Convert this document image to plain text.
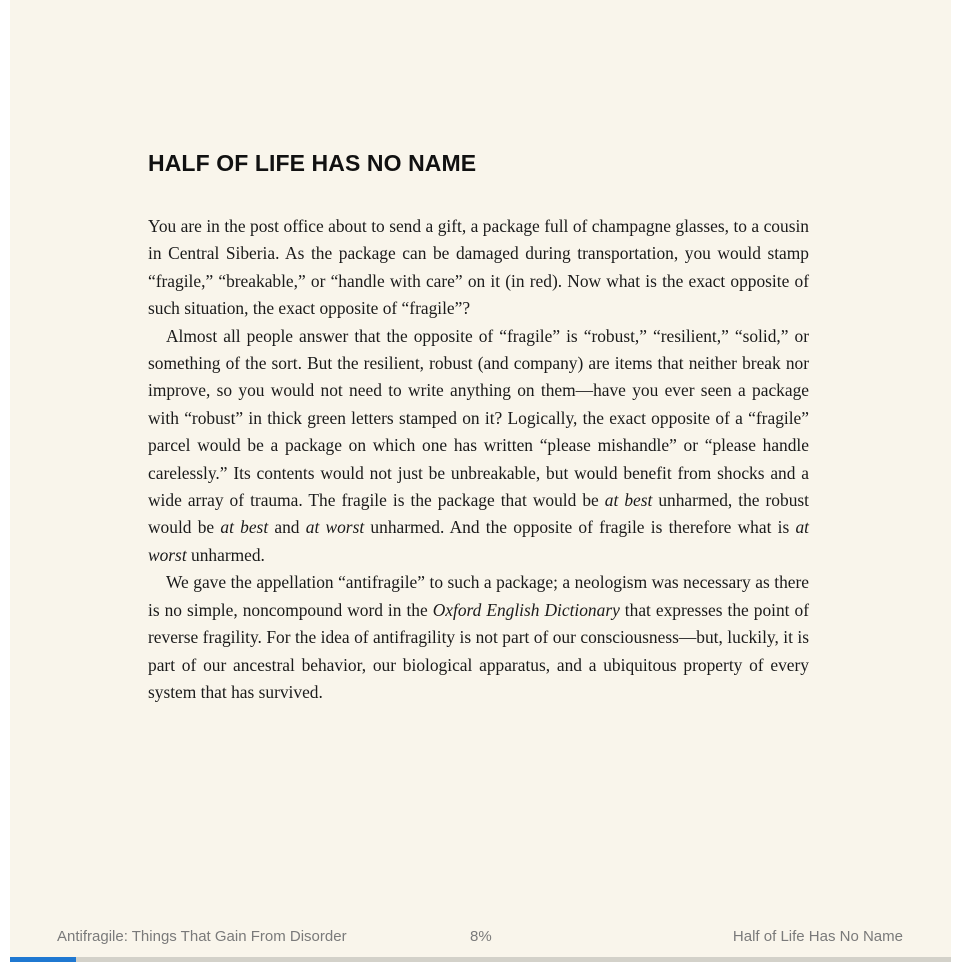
HALF OF LIFE HAS NO NAME

You are in the post office about to send a gift, a package full of champagne glasses, to a cousin in Central Siberia. As the package can be damaged during transportation, you would stamp “fragile,” “breakable,” or “handle with care” on it (in red). Now what is the exact opposite of such situation, the exact opposite of “fragile”?

Almost all people answer that the opposite of “fragile” is “robust,” “resilient,” “solid,” or something of the sort. But the resilient, robust (and company) are items that neither break nor improve, so you would not need to write anything on them—have you ever seen a package with “robust” in thick green letters stamped on it? Logically, the exact opposite of a “fragile” parcel would be a package on which one has written “please mishandle” or “please handle carelessly.” Its contents would not just be unbreakable, but would benefit from shocks and a wide array of trauma. The fragile is the package that would be at best unharmed, the robust would be at best and at worst unharmed. And the opposite of fragile is therefore what is at worst unharmed.

We gave the appellation “antifragile” to such a package; a neologism was necessary as there is no simple, noncompound word in the Oxford English Dictionary that expresses the point of reverse fragility. For the idea of antifragility is not part of our consciousness—but, luckily, it is part of our ancestral behavior, our biological apparatus, and a ubiquitous property of every system that has survived.

Antifragile: Things That Gain From Disorder	8%	Half of Life Has No Name
